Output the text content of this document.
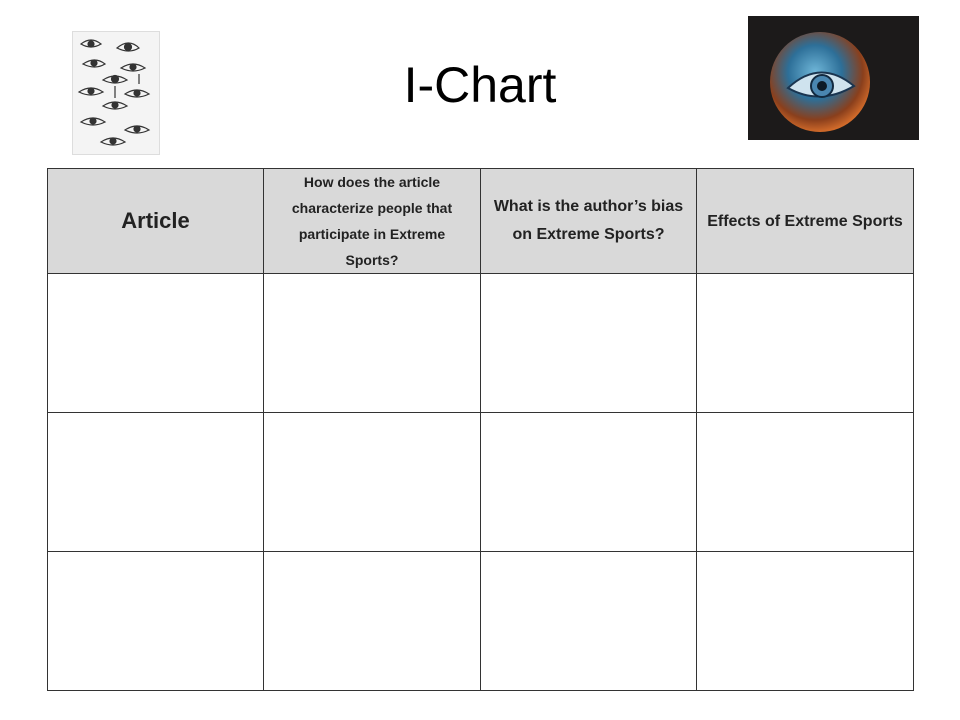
I-Chart
Article	How does the article characterize people that participate in Extreme Sports?	What is the author’s bias on Extreme Sports?	Effects of Extreme Sports
